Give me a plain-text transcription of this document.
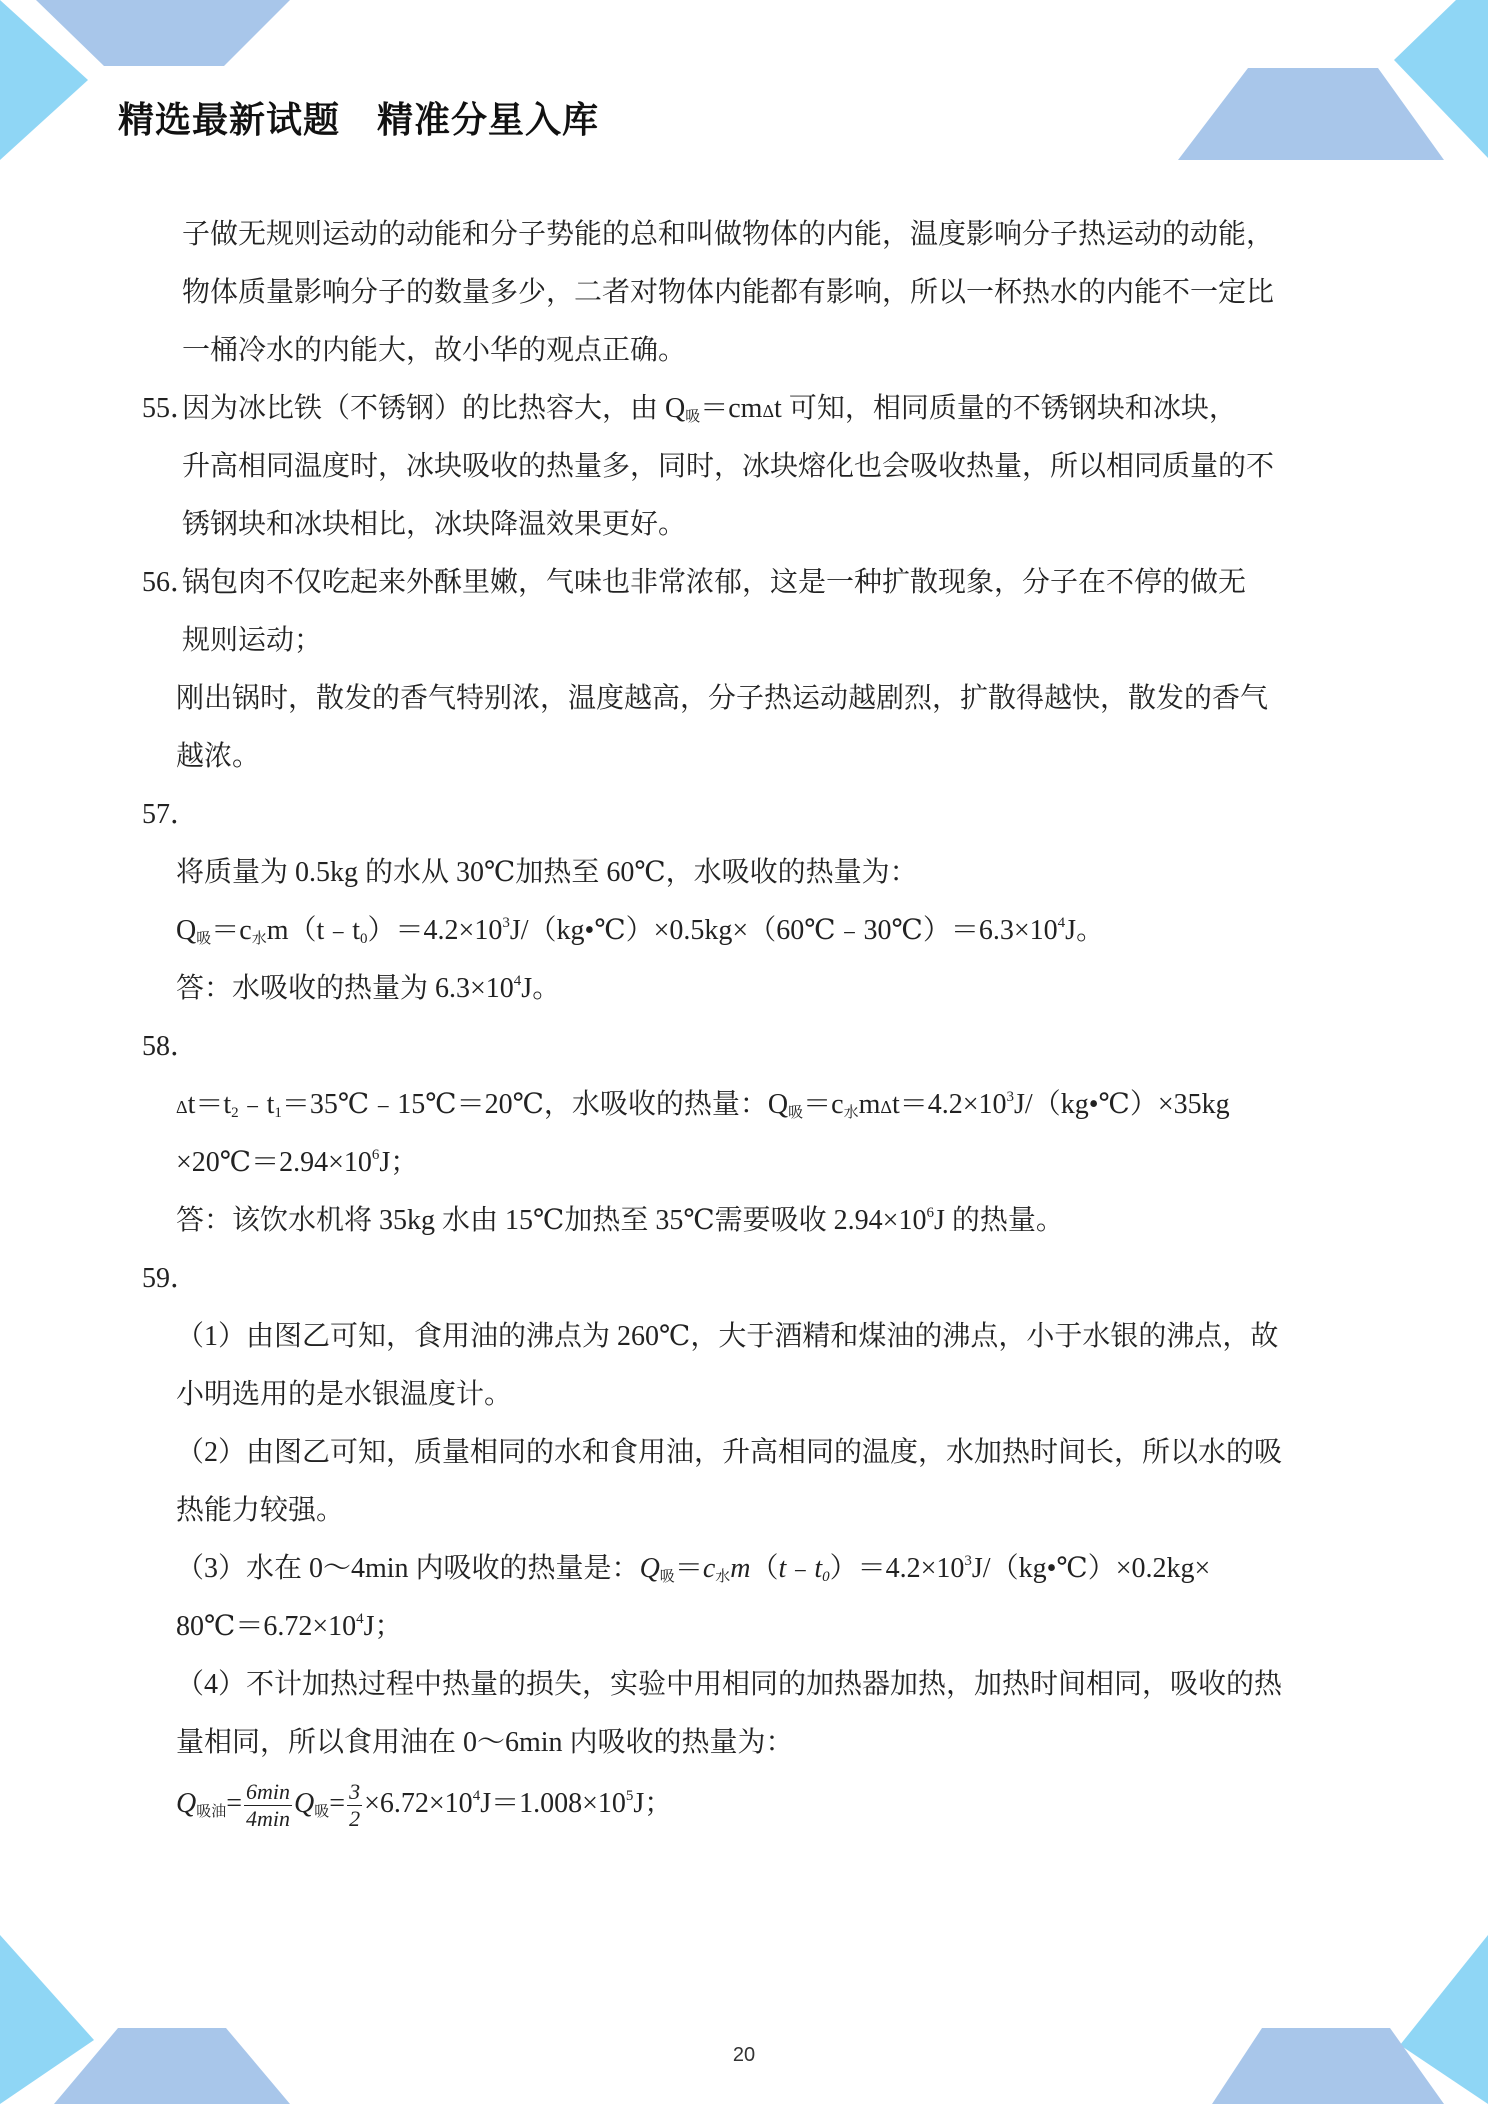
精选最新试题　精准分星入库
子做无规则运动的动能和分子势能的总和叫做物体的内能，温度影响分子热运动的动能，
物体质量影响分子的数量多少，二者对物体内能都有影响，所以一杯热水的内能不一定比
一桶冷水的内能大，故小华的观点正确。
55．因为冰比铁（不锈钢）的比热容大，由 $Q_吸=cm\Delta t$ 可知，相同质量的不锈钢块和冰块，
升高相同温度时，冰块吸收的热量多，同时，冰块熔化也会吸收热量，所以相同质量的不
锈钢块和冰块相比，冰块降温效果更好。
56．锅包肉不仅吃起来外酥里嫩，气味也非常浓郁，这是一种扩散现象，分子在不停的做无
规则运动；
刚出锅时，散发的香气特别浓，温度越高，分子热运动越剧烈，扩散得越快，散发的香气
越浓。
57．
将质量为 0.5kg 的水从 30℃加热至 60℃，水吸收的热量为：
$Q_吸=c_水m(t﹣t_0)=4.2\times 10^3J/(kg•℃)\times 0.5kg\times(60℃﹣30℃)=6.3\times 10^4J$。
答：水吸收的热量为 $6.3\times 10^4J$。
58．
$\Delta t=t_2﹣t_1=35℃﹣15℃=20℃$，水吸收的热量：$Q_吸=c_水m\Delta t=4.2\times 10^3J/(kg•℃)\times 35kg$
$\times 20℃=2.94\times 10^6J$；
答：该饮水机将 35kg 水由 15℃加热至 35℃需要吸收 $2.94\times 10^6J$ 的热量。
59．
（1）由图乙可知，食用油的沸点为 260℃，大于酒精和煤油的沸点，小于水银的沸点，故
小明选用的是水银温度计。
（2）由图乙可知，质量相同的水和食用油，升高相同的温度，水加热时间长，所以水的吸
热能力较强。
（3）水在 0～4min 内吸收的热量是：$Q_吸=c_水m(t﹣t_0)=4.2\times 10^3J/(kg•℃)\times 0.2kg\times$
$80℃=6.72\times 10^4J$；
（4）不计加热过程中热量的损失，实验中用相同的加热器加热，加热时间相同，吸收的热
量相同，所以食用油在 0～6min 内吸收的热量为：
$Q_{吸油}= \frac{6\min}{4\min} Q_吸= \frac{3}{2} \times 6.72\times 10^4J=1.008\times 10^5J$；
20
